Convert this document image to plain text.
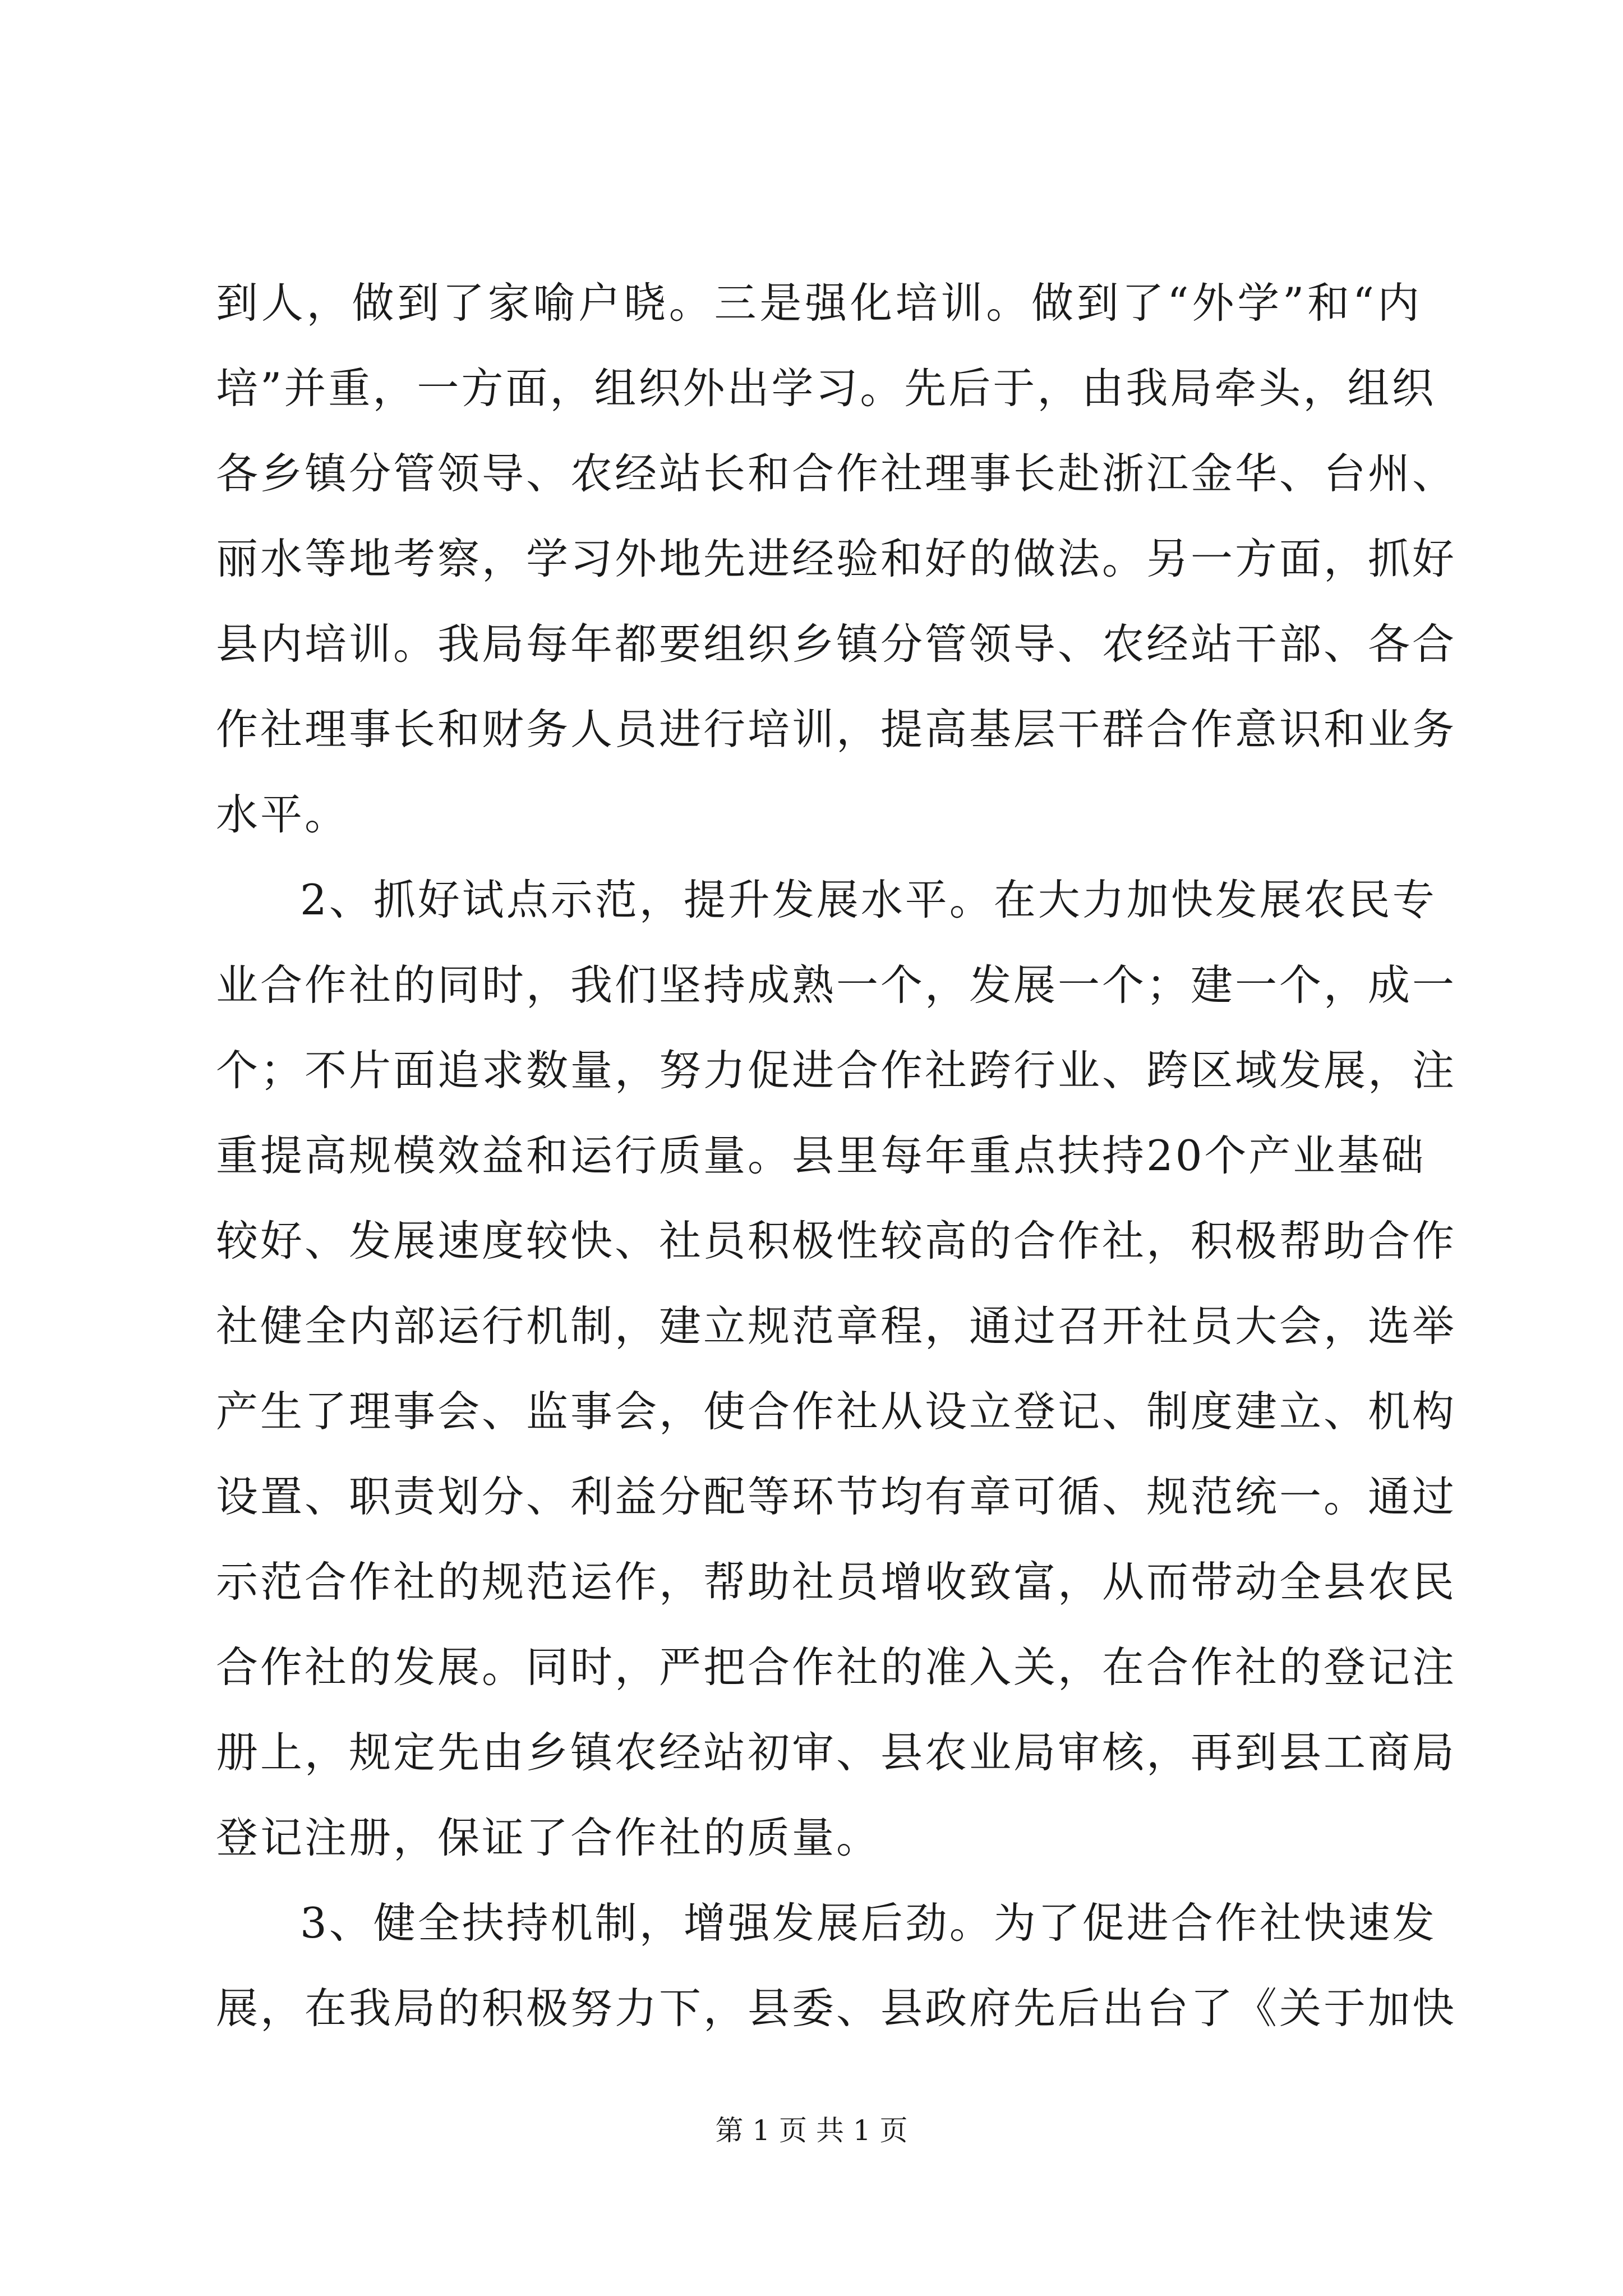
到人，做到了家喻户晓。三是强化培训。做到了“外学”和“内
培”并重，一方面，组织外出学习。先后于，由我局牵头，组织
各乡镇分管领导、农经站长和合作社理事长赴浙江金华、台州、
丽水等地考察，学习外地先进经验和好的做法。另一方面，抓好
县内培训。我局每年都要组织乡镇分管领导、农经站干部、各合
作社理事长和财务人员进行培训，提高基层干群合作意识和业务
水平。
2、抓好试点示范，提升发展水平。在大力加快发展农民专
业合作社的同时，我们坚持成熟一个，发展一个；建一个，成一
个；不片面追求数量，努力促进合作社跨行业、跨区域发展，注
重提高规模效益和运行质量。县里每年重点扶持20个产业基础
较好、发展速度较快、社员积极性较高的合作社，积极帮助合作
社健全内部运行机制，建立规范章程，通过召开社员大会，选举
产生了理事会、监事会，使合作社从设立登记、制度建立、机构
设置、职责划分、利益分配等环节均有章可循、规范统一。通过
示范合作社的规范运作，帮助社员增收致富，从而带动全县农民
合作社的发展。同时，严把合作社的准入关，在合作社的登记注
册上，规定先由乡镇农经站初审、县农业局审核，再到县工商局
登记注册，保证了合作社的质量。
3、健全扶持机制，增强发展后劲。为了促进合作社快速发
展，在我局的积极努力下，县委、县政府先后出台了《关于加快
第 1 页 共 1 页
